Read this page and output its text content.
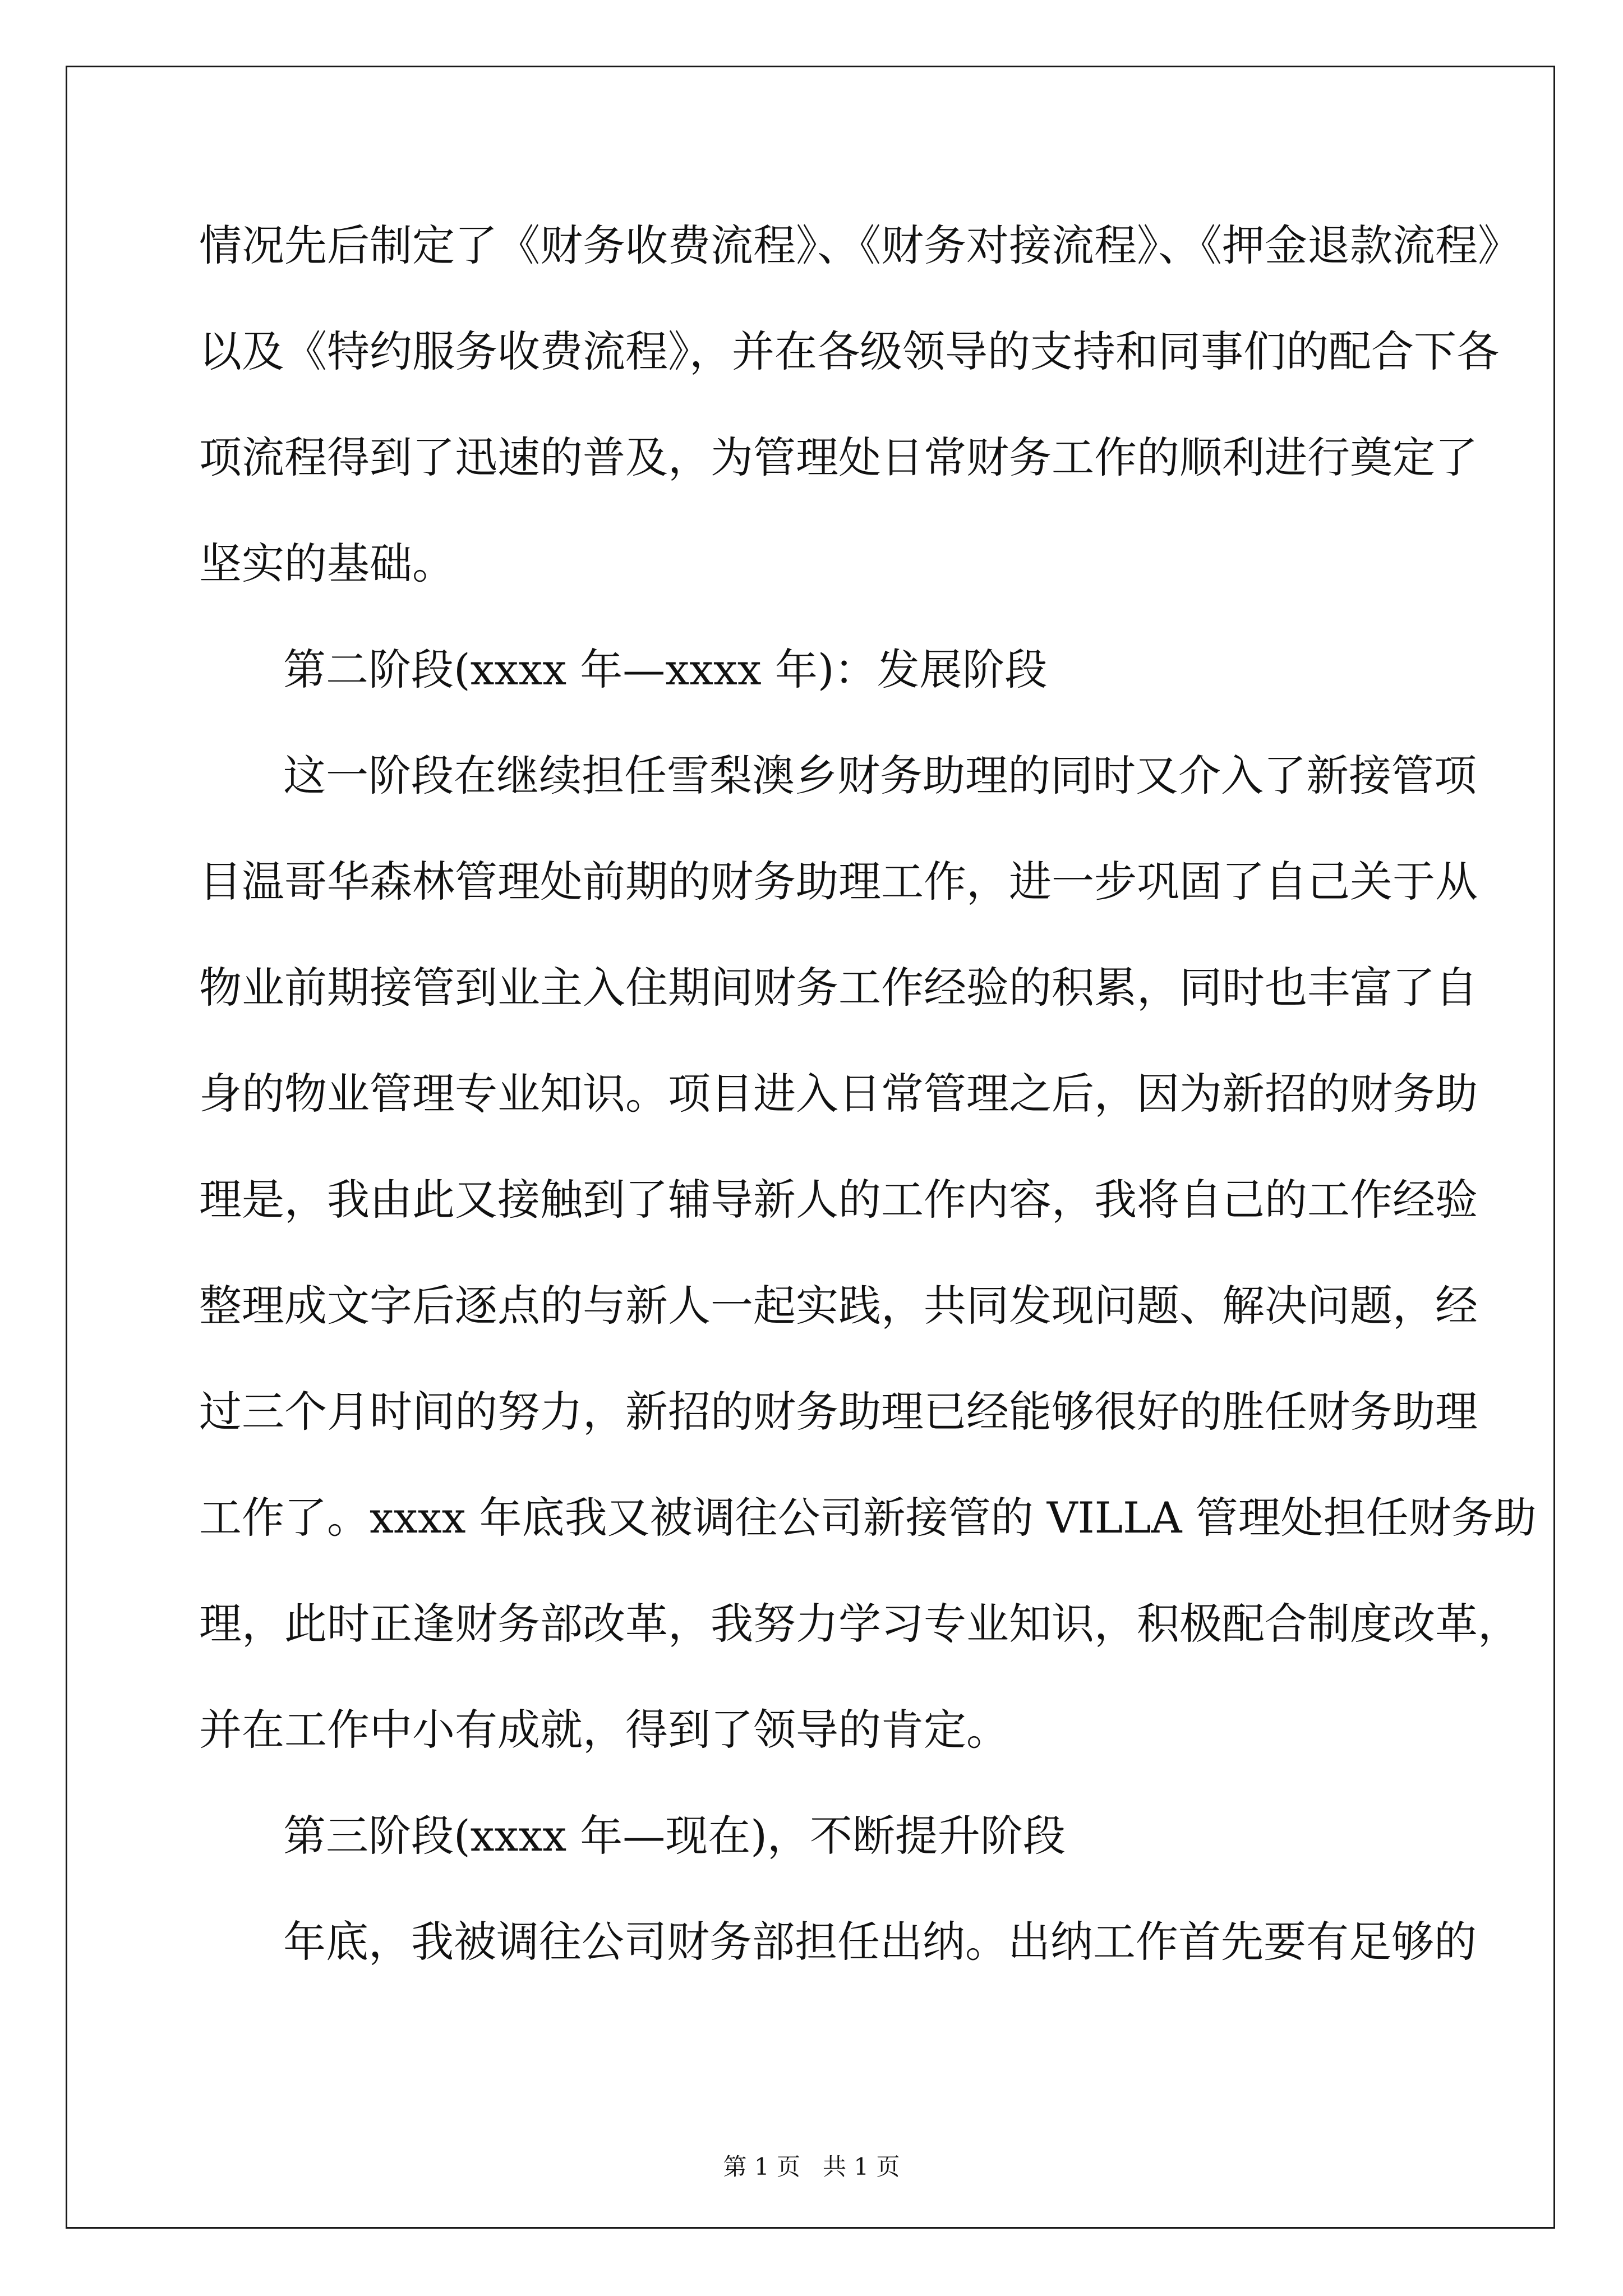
情况先后制定了《财务收费流程》、《财务对接流程》、《押金退款流程》
以及《特约服务收费流程》，并在各级领导的支持和同事们的配合下各
项流程得到了迅速的普及，为管理处日常财务工作的顺利进行奠定了
坚实的基础。
第二阶段(xxxx 年—xxxx 年)：发展阶段
这一阶段在继续担任雪梨澳乡财务助理的同时又介入了新接管项
目温哥华森林管理处前期的财务助理工作，进一步巩固了自己关于从
物业前期接管到业主入住期间财务工作经验的积累，同时也丰富了自
身的物业管理专业知识。项目进入日常管理之后，因为新招的财务助
理是，我由此又接触到了辅导新人的工作内容，我将自己的工作经验
整理成文字后逐点的与新人一起实践，共同发现问题、解决问题，经
过三个月时间的努力，新招的财务助理已经能够很好的胜任财务助理
工作了。xxxx 年底我又被调往公司新接管的 VILLA 管理处担任财务助
理，此时正逢财务部改革，我努力学习专业知识，积极配合制度改革，
并在工作中小有成就，得到了领导的肯定。
第三阶段(xxxx 年—现在)，不断提升阶段
年底，我被调往公司财务部担任出纳。出纳工作首先要有足够的
第 1 页   共 1 页
